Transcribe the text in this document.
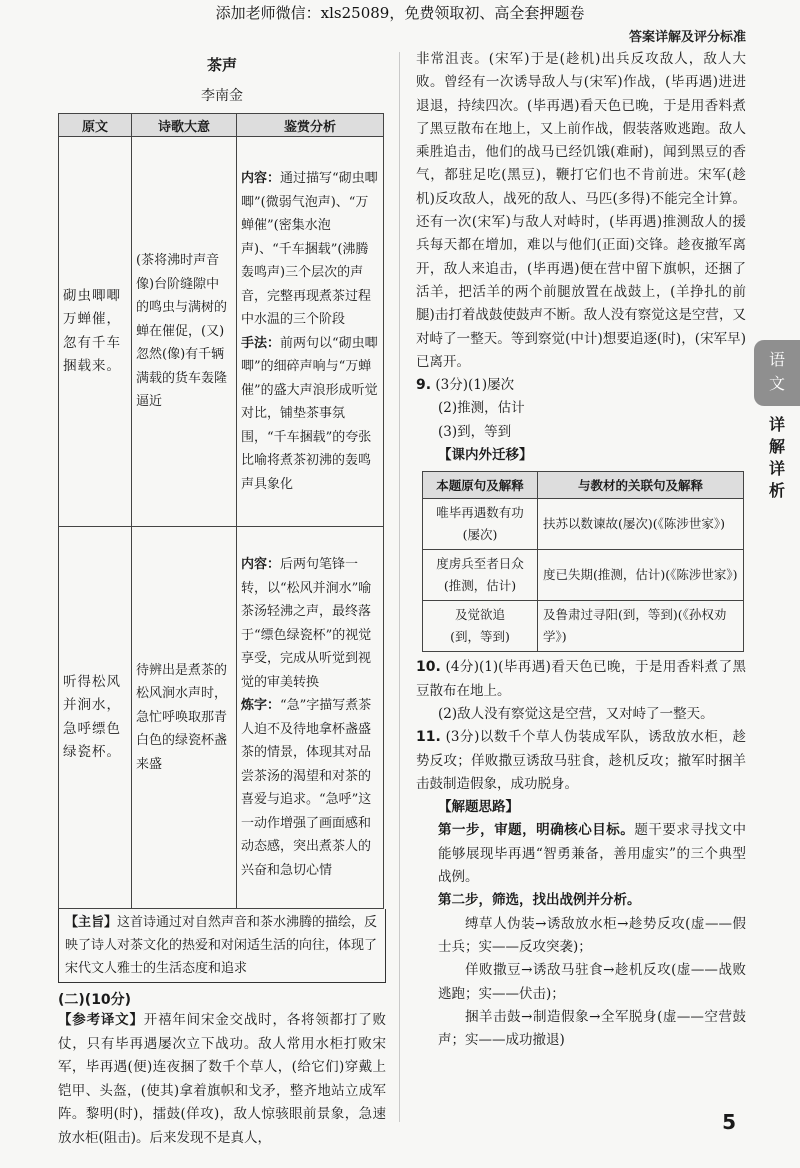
添加老师微信：xls25089，免费领取初、高全套押题卷
答案详解及评分标准
茶声
李南金
原文	诗歌大意	鉴赏分析
砌虫唧唧万蝉催，忽有千车捆载来。	(茶将沸时声音像)台阶缝隙中的鸣虫与满树的蝉在催促，(又)忽然(像)有千辆满载的货车轰隆逼近	内容：通过描写“砌虫唧唧”(微弱气泡声)、“万蝉催”(密集水泡声)、“千车捆载”(沸腾轰鸣声)三个层次的声音，完整再现煮茶过程中水温的三个阶段
手法：前两句以“砌虫唧唧”的细碎声响与“万蝉催”的盛大声浪形成听觉对比，铺垫茶事氛围，“千车捆载”的夸张比喻将煮茶初沸的轰鸣声具象化
听得松风并涧水，急呼缥色绿瓷杯。	待辨出是煮茶的松风涧水声时，急忙呼唤取那青白色的绿瓷杯盏来盛	内容：后两句笔锋一转，以“松风并涧水”喻茶汤轻沸之声，最终落于“缥色绿瓷杯”的视觉享受，完成从听觉到视觉的审美转换
炼字：“急”字描写煮茶人迫不及待地拿杯盏盛茶的情景，体现其对品尝茶汤的渴望和对茶的喜爱与追求。“急呼”这一动作增强了画面感和动态感，突出煮茶人的兴奋和急切心情
【主旨】这首诗通过对自然声音和茶水沸腾的描绘，反映了诗人对茶文化的热爱和对闲适生活的向往，体现了宋代文人雅士的生活态度和追求
(二)(10分)

【参考译文】开禧年间宋金交战时，各将领都打了败仗，只有毕再遇屡次立下战功。敌人常用水柜打败宋军，毕再遇(便)连夜捆了数千个草人，(给它们)穿戴上铠甲、头盔，(使其)拿着旗帜和戈矛，整齐地站立成军阵。黎明(时)，擂鼓(佯攻)，敌人惊骇眼前景象，急速放水柜(阻击)。后来发现不是真人，

非常沮丧。(宋军)于是(趁机)出兵反攻敌人，敌人大败。曾经有一次诱导敌人与(宋军)作战，(毕再遇)进进退退，持续四次。(毕再遇)看天色已晚，于是用香料煮了黑豆散布在地上，又上前作战，假装落败逃跑。敌人乘胜追击，他们的战马已经饥饿(难耐)，闻到黑豆的香气，都驻足吃(黑豆)，鞭打它们也不肯前进。宋军(趁机)反攻敌人，战死的敌人、马匹(多得)不能完全计算。还有一次(宋军)与敌人对峙时，(毕再遇)推测敌人的援兵每天都在增加，难以与他们(正面)交锋。趁夜撤军离开，敌人来追击，(毕再遇)便在营中留下旗帜，还捆了活羊，把活羊的两个前腿放置在战鼓上，(羊挣扎的前腿)击打着战鼓使鼓声不断。敌人没有察觉这是空营，又对峙了一整天。等到察觉(中计)想要追逐(时)，(宋军早)已离开。

9. (3分)(1)屡次

(2)推测，估计

(3)到，等到

【课内外迁移】

本题原句及解释	与教材的关联句及解释
唯毕再遇数有功
(屡次)	扶苏以数谏故(屡次)(《陈涉世家》)
度虏兵至者日众
(推测，估计)	度已失期(推测，估计)(《陈涉世家》)
及觉欲追
(到，等到)	及鲁肃过寻阳(到，等到)(《孙权劝学》)

10. (4分)(1)(毕再遇)看天色已晚，于是用香料煮了黑豆散布在地上。

(2)敌人没有察觉这是空营，又对峙了一整天。

11. (3分)以数千个草人伪装成军队，诱敌放水柜，趁势反攻；佯败撒豆诱敌马驻食，趁机反攻；撤军时捆羊击鼓制造假象，成功脱身。

【解题思路】

第一步，审题，明确核心目标。题干要求寻找文中能够展现毕再遇“智勇兼备，善用虚实”的三个典型战例。

第二步，筛选，找出战例并分析。

缚草人伪装→诱敌放水柜→趁势反攻(虚——假士兵；实——反攻突袭)；

佯败撒豆→诱敌马驻食→趁机反攻(虚——战败逃跑；实——伏击)；

捆羊击鼓→制造假象→全军脱身(虚——空营鼓声；实——成功撤退)

语
文
详
解
详
析
5
